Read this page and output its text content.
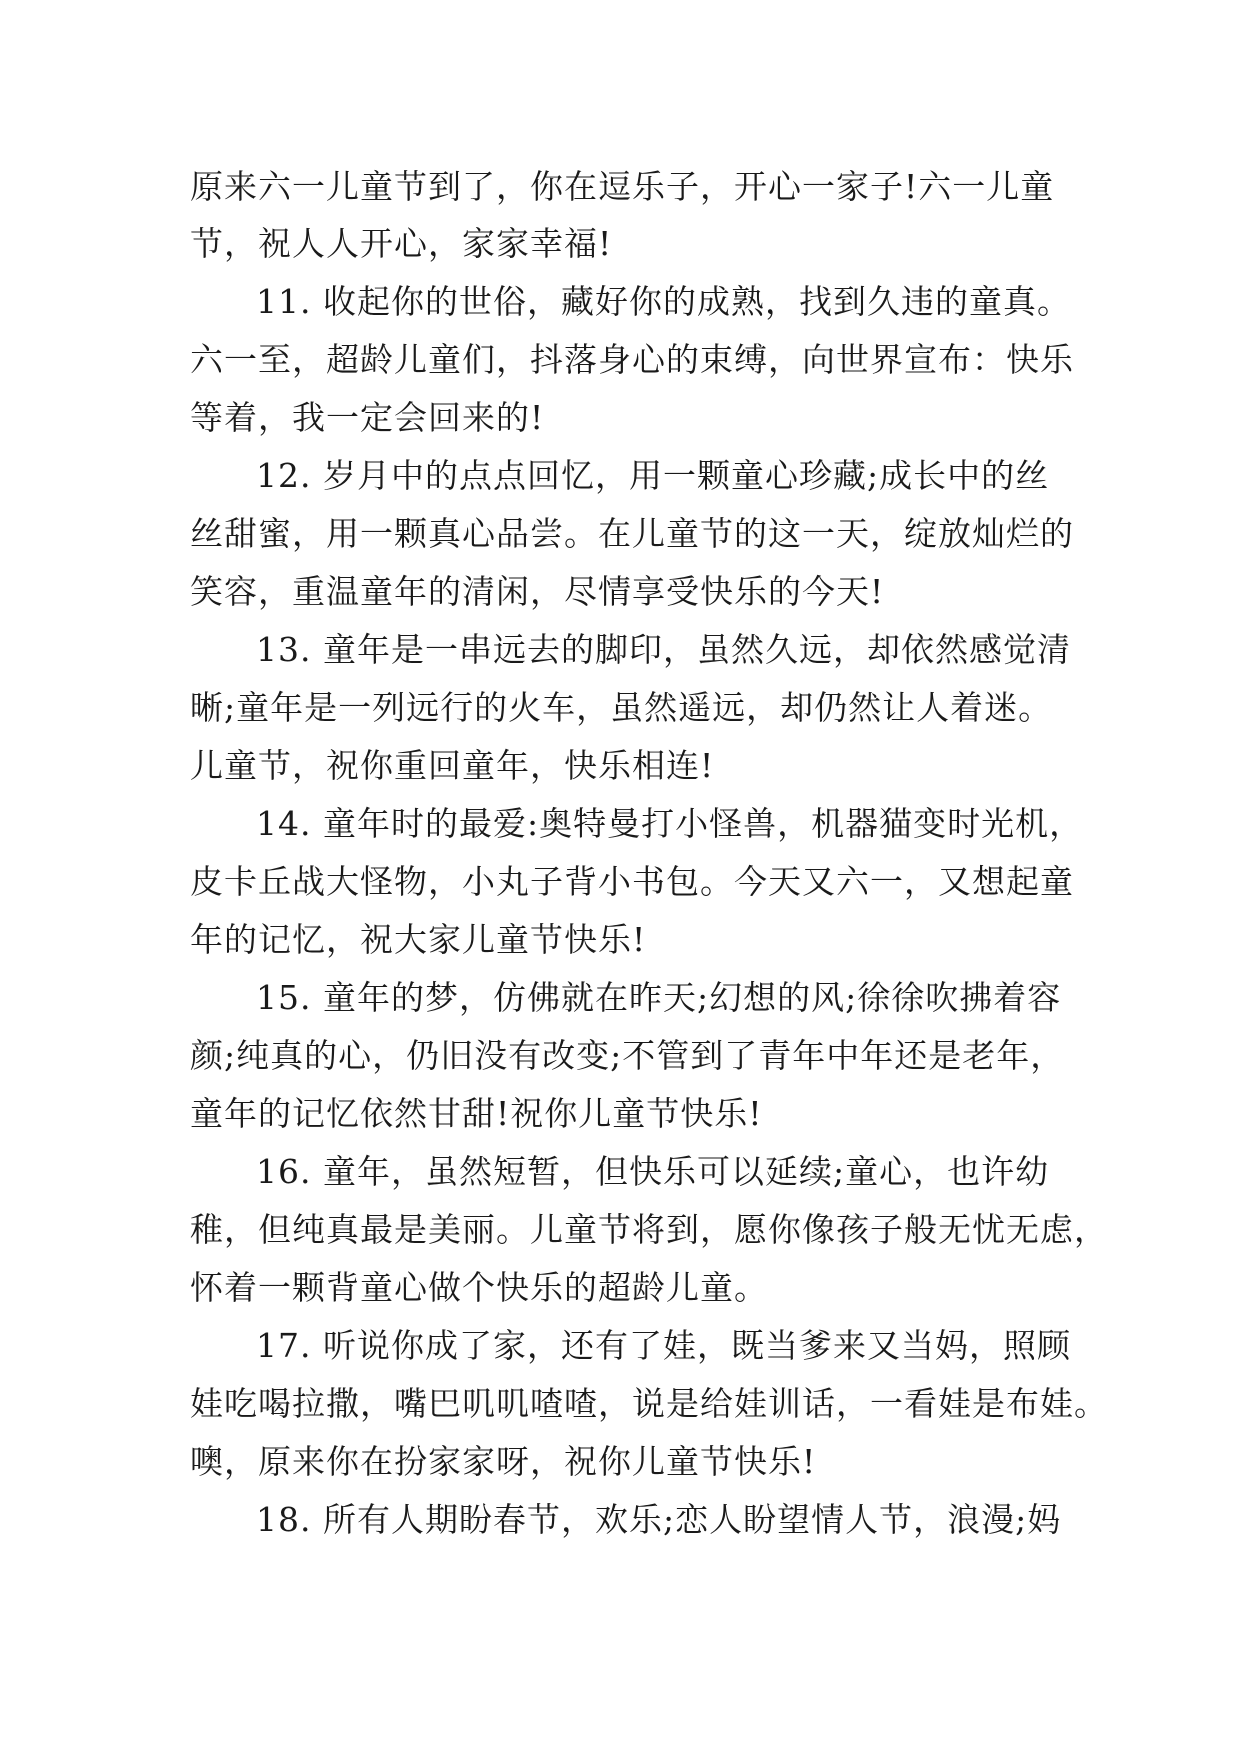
原来六一儿童节到了，你在逗乐子，开心一家子!六一儿童
节，祝人人开心，家家幸福!
11. 收起你的世俗，藏好你的成熟，找到久违的童真。
六一至，超龄儿童们，抖落身心的束缚，向世界宣布：快乐
等着，我一定会回来的!
12. 岁月中的点点回忆，用一颗童心珍藏;成长中的丝
丝甜蜜，用一颗真心品尝。在儿童节的这一天，绽放灿烂的
笑容，重温童年的清闲，尽情享受快乐的今天!
13. 童年是一串远去的脚印，虽然久远，却依然感觉清
晰;童年是一列远行的火车，虽然遥远，却仍然让人着迷。
儿童节，祝你重回童年，快乐相连!
14. 童年时的最爱:奥特曼打小怪兽，机器猫变时光机，
皮卡丘战大怪物，小丸子背小书包。今天又六一，又想起童
年的记忆，祝大家儿童节快乐!
15. 童年的梦，仿佛就在昨天;幻想的风;徐徐吹拂着容
颜;纯真的心，仍旧没有改变;不管到了青年中年还是老年，
童年的记忆依然甘甜!祝你儿童节快乐!
16. 童年，虽然短暂，但快乐可以延续;童心，也许幼
稚，但纯真最是美丽。儿童节将到，愿你像孩子般无忧无虑，
怀着一颗背童心做个快乐的超龄儿童。
17. 听说你成了家，还有了娃，既当爹来又当妈，照顾
娃吃喝拉撒，嘴巴叽叽喳喳，说是给娃训话，一看娃是布娃。
噢，原来你在扮家家呀，祝你儿童节快乐!
18. 所有人期盼春节，欢乐;恋人盼望情人节，浪漫;妈
